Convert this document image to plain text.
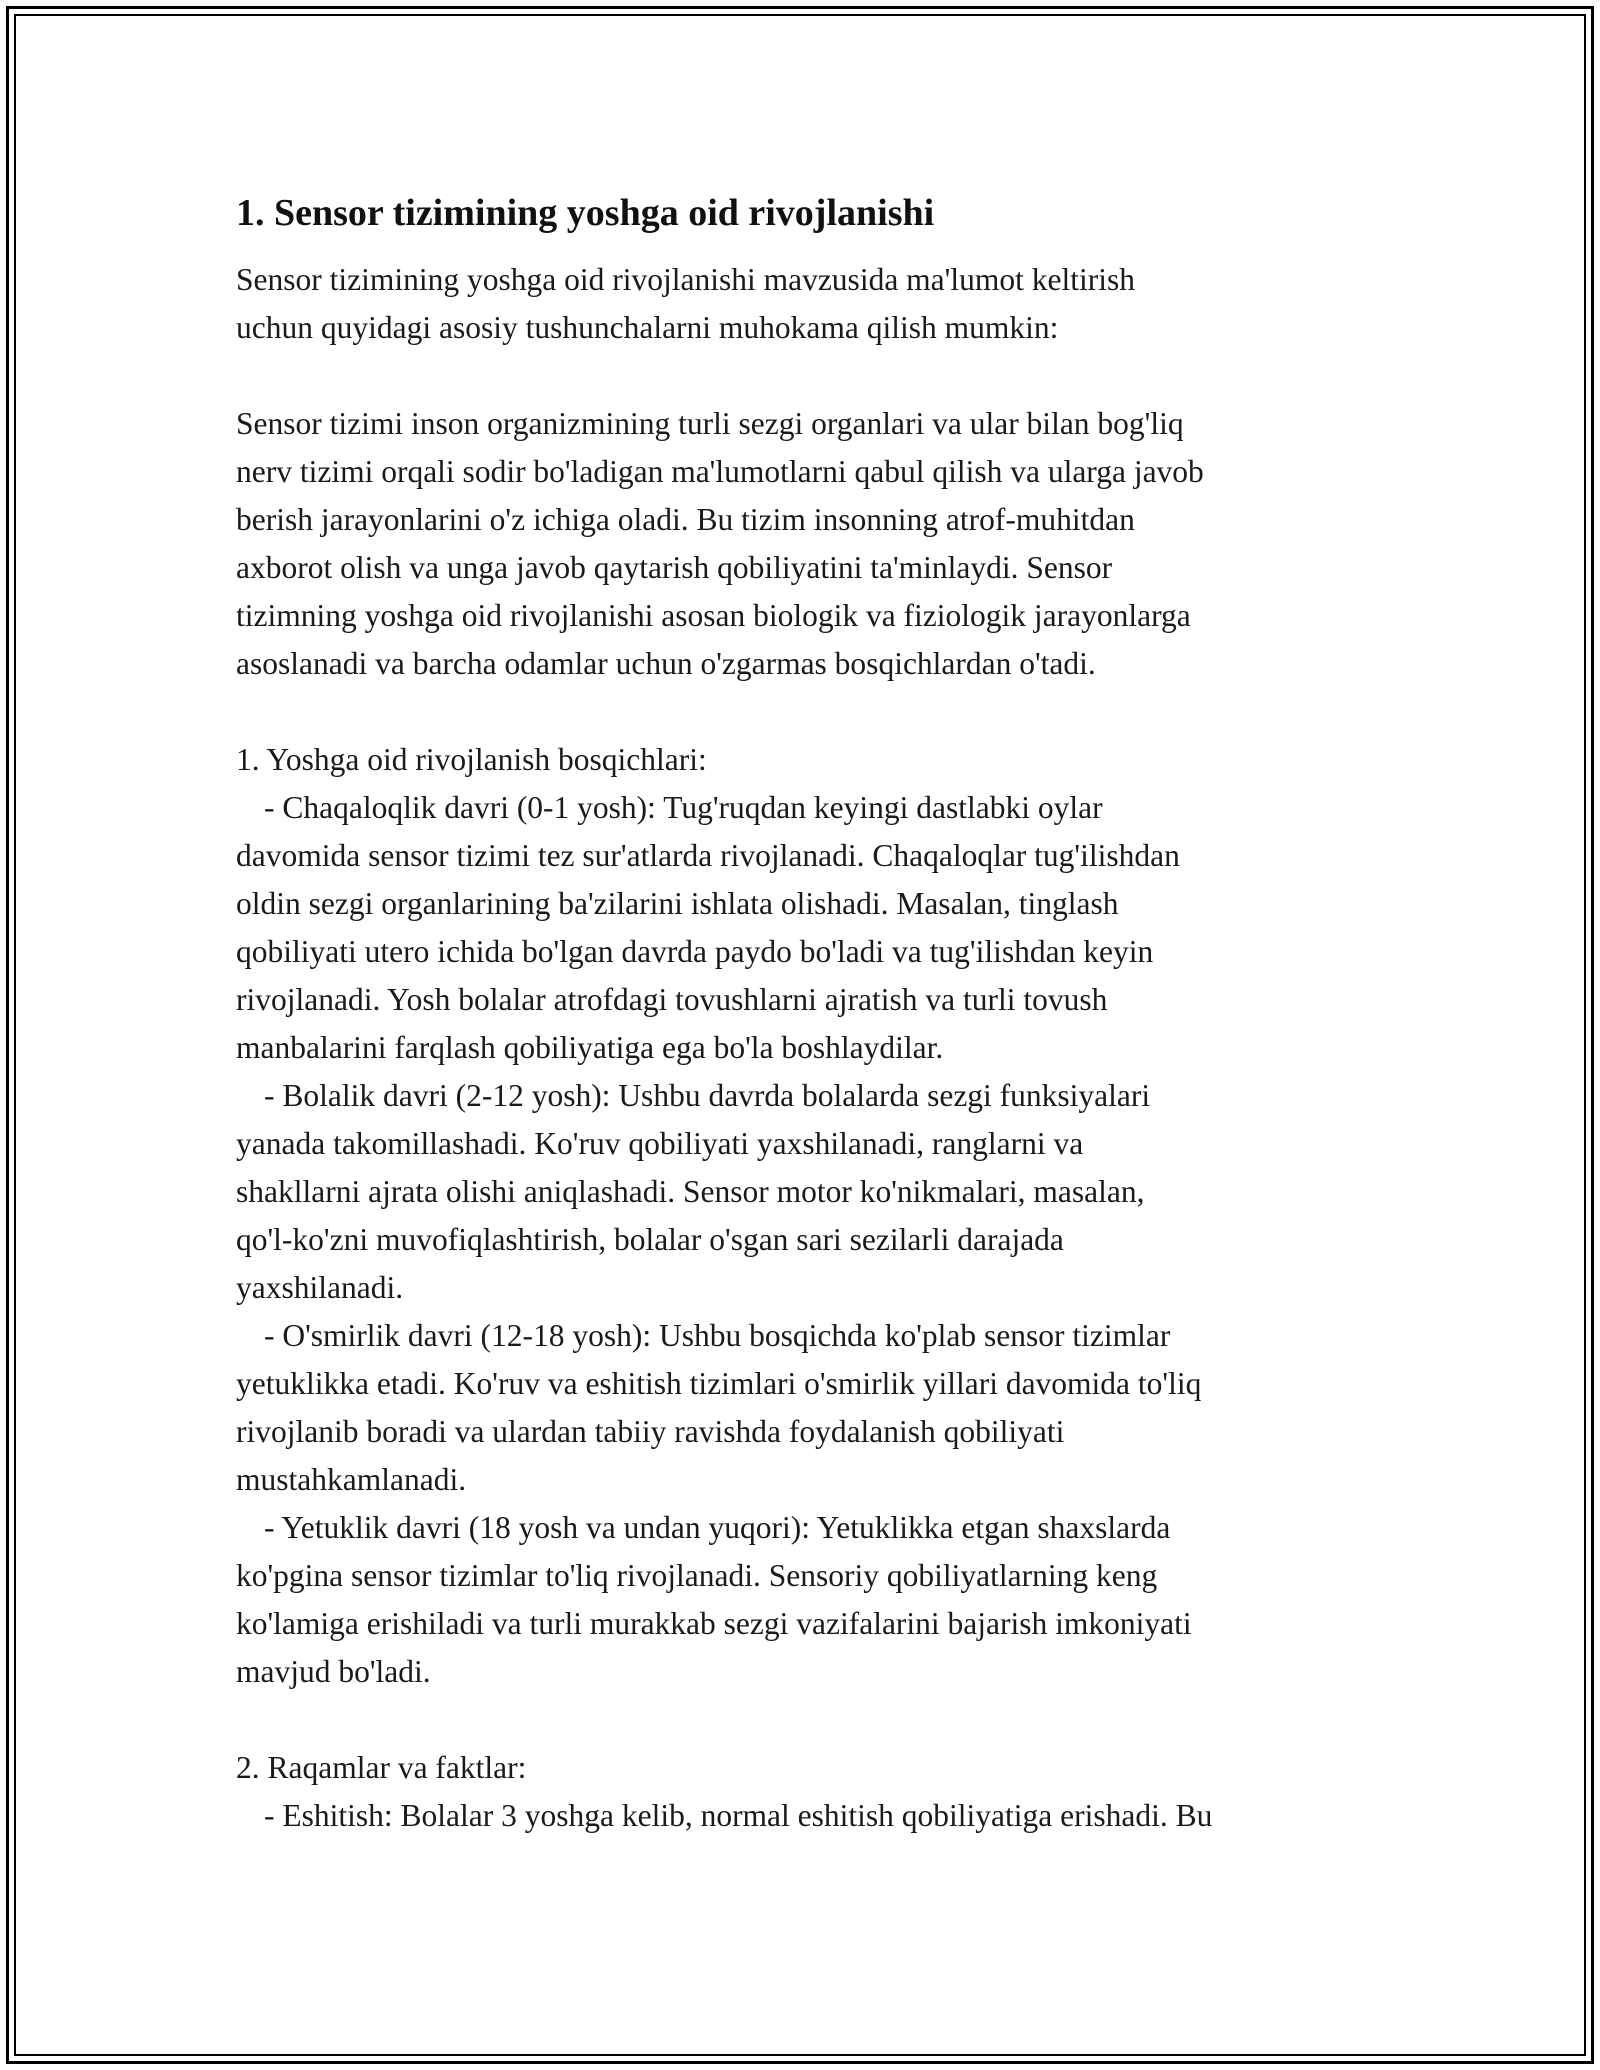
1. Sensor tizimining yoshga oid rivojlanishi
Sensor tizimining yoshga oid rivojlanishi mavzusida ma'lumot keltirish
uchun quyidagi asosiy tushunchalarni muhokama qilish mumkin:
Sensor tizimi inson organizmining turli sezgi organlari va ular bilan bog'liq
nerv tizimi orqali sodir bo'ladigan ma'lumotlarni qabul qilish va ularga javob
berish jarayonlarini o'z ichiga oladi. Bu tizim insonning atrof-muhitdan
axborot olish va unga javob qaytarish qobiliyatini ta'minlaydi. Sensor
tizimning yoshga oid rivojlanishi asosan biologik va fiziologik jarayonlarga
asoslanadi va barcha odamlar uchun o'zgarmas bosqichlardan o'tadi.
1. Yoshga oid rivojlanish bosqichlari:
- Chaqaloqlik davri (0-1 yosh): Tug'ruqdan keyingi dastlabki oylar
davomida sensor tizimi tez sur'atlarda rivojlanadi. Chaqaloqlar tug'ilishdan
oldin sezgi organlarining ba'zilarini ishlata olishadi. Masalan, tinglash
qobiliyati utero ichida bo'lgan davrda paydo bo'ladi va tug'ilishdan keyin
rivojlanadi. Yosh bolalar atrofdagi tovushlarni ajratish va turli tovush
manbalarini farqlash qobiliyatiga ega bo'la boshlaydilar.
- Bolalik davri (2-12 yosh): Ushbu davrda bolalarda sezgi funksiyalari
yanada takomillashadi. Ko'ruv qobiliyati yaxshilanadi, ranglarni va
shakllarni ajrata olishi aniqlashadi. Sensor motor ko'nikmalari, masalan,
qo'l-ko'zni muvofiqlashtirish, bolalar o'sgan sari sezilarli darajada
yaxshilanadi.
- O'smirlik davri (12-18 yosh): Ushbu bosqichda ko'plab sensor tizimlar
yetuklikka etadi. Ko'ruv va eshitish tizimlari o'smirlik yillari davomida to'liq
rivojlanib boradi va ulardan tabiiy ravishda foydalanish qobiliyati
mustahkamlanadi.
- Yetuklik davri (18 yosh va undan yuqori): Yetuklikka etgan shaxslarda
ko'pgina sensor tizimlar to'liq rivojlanadi. Sensoriy qobiliyatlarning keng
ko'lamiga erishiladi va turli murakkab sezgi vazifalarini bajarish imkoniyati
mavjud bo'ladi.
2. Raqamlar va faktlar:
- Eshitish: Bolalar 3 yoshga kelib, normal eshitish qobiliyatiga erishadi. Bu
